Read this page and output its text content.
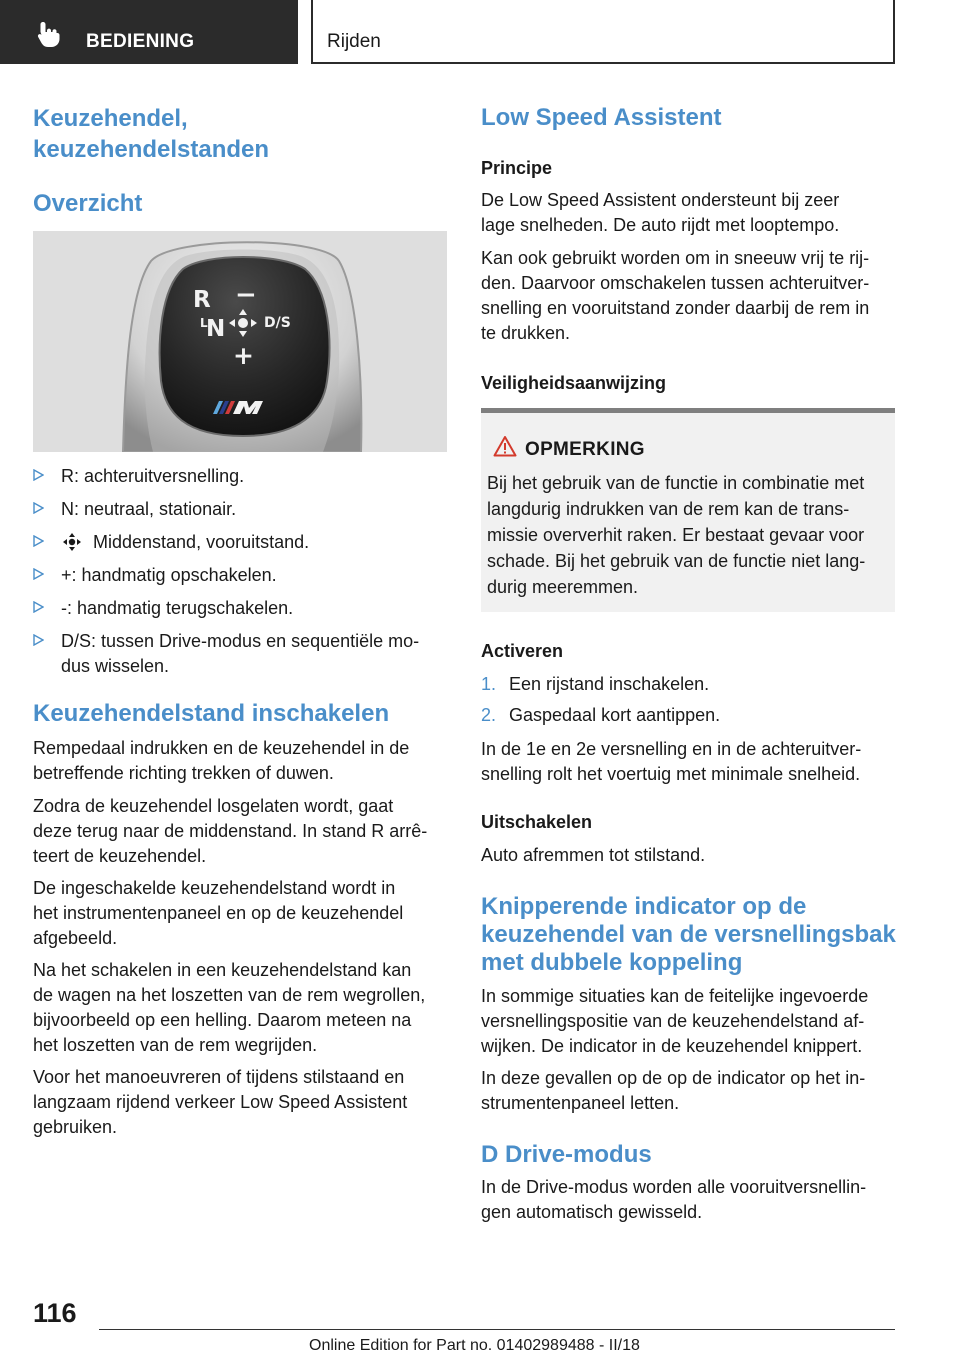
BEDIENING	Rijden
Keuzehendel,
keuzehendelstanden
Overzicht
R −
L
N	D/S
+
R: achteruitversnelling.
N: neutraal, stationair.
Middenstand, vooruitstand.
+: handmatig opschakelen.
-: handmatig terugschakelen.
D/S: tussen Drive-modus en sequentiële mo‐
dus wisselen.
Keuzehendelstand inschakelen
Rempedaal indrukken en de keuzehendel in de
betreffende richting trekken of duwen.
Zodra de keuzehendel losgelaten wordt, gaat
deze terug naar de middenstand. In stand R arrê‐
teert de keuzehendel.
De ingeschakelde keuzehendelstand wordt in
het instrumentenpaneel en op de keuzehendel
afgebeeld.
Na het schakelen in een keuzehendelstand kan
de wagen na het loszetten van de rem wegrollen,
bijvoorbeeld op een helling. Daarom meteen na
het loszetten van de rem wegrijden.
Voor het manoeuvreren of tijdens stilstaand en
langzaam rijdend verkeer Low Speed Assistent
gebruiken.
Low Speed Assistent
Principe
De Low Speed Assistent ondersteunt bij zeer
lage snelheden. De auto rijdt met looptempo.
Kan ook gebruikt worden om in sneeuw vrij te rij‐
den. Daarvoor omschakelen tussen achteruitver‐
snelling en vooruitstand zonder daarbij de rem in
te drukken.
Veiligheidsaanwijzing
OPMERKING
Bij het gebruik van de functie in combinatie met
langdurig indrukken van de rem kan de trans‐
missie oververhit raken. Er bestaat gevaar voor
schade. Bij het gebruik van de functie niet lang‐
durig meeremmen.
Activeren
1. Een rijstand inschakelen.
2. Gaspedaal kort aantippen.
In de 1e en 2e versnelling en in de achteruitver‐
snelling rolt het voertuig met minimale snelheid.
Uitschakelen
Auto afremmen tot stilstand.
Knipperende indicator op de
keuzehendel van de versnellingsbak
met dubbele koppeling
In sommige situaties kan de feitelijke ingevoerde
versnellingspositie van de keuzehendelstand af‐
wijken. De indicator in de keuzehendel knippert.
In deze gevallen op de op de indicator op het in‐
strumentenpaneel letten.
D Drive-modus
In de Drive-modus worden alle vooruitversnellin‐
gen automatisch gewisseld.
116
Online Edition for Part no. 01402989488 - II/18
